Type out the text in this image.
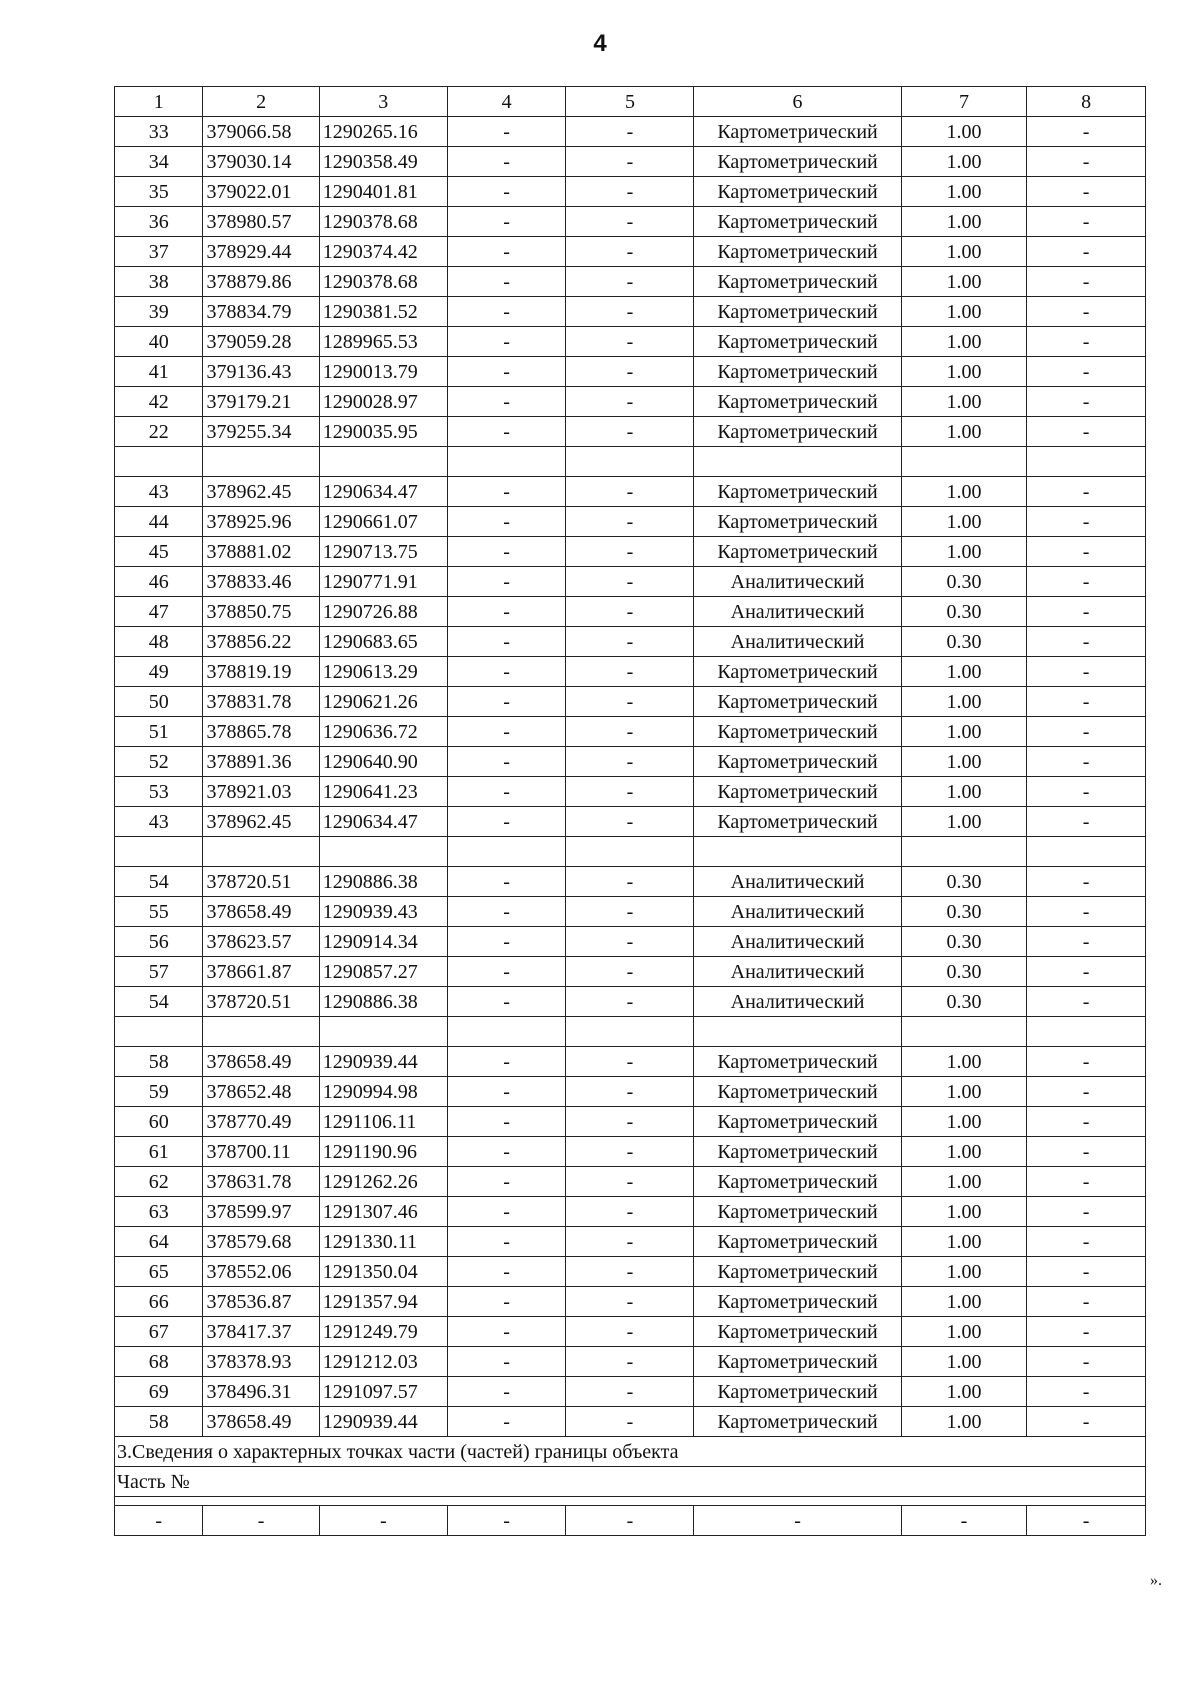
4
1	2	3	4	5	6	7	8
33	379066.58	1290265.16	-	-	Картометрический	1.00	-
34	379030.14	1290358.49	-	-	Картометрический	1.00	-
35	379022.01	1290401.81	-	-	Картометрический	1.00	-
36	378980.57	1290378.68	-	-	Картометрический	1.00	-
37	378929.44	1290374.42	-	-	Картометрический	1.00	-
38	378879.86	1290378.68	-	-	Картометрический	1.00	-
39	378834.79	1290381.52	-	-	Картометрический	1.00	-
40	379059.28	1289965.53	-	-	Картометрический	1.00	-
41	379136.43	1290013.79	-	-	Картометрический	1.00	-
42	379179.21	1290028.97	-	-	Картометрический	1.00	-
22	379255.34	1290035.95	-	-	Картометрический	1.00	-

43	378962.45	1290634.47	-	-	Картометрический	1.00	-
44	378925.96	1290661.07	-	-	Картометрический	1.00	-
45	378881.02	1290713.75	-	-	Картометрический	1.00	-
46	378833.46	1290771.91	-	-	Аналитический	0.30	-
47	378850.75	1290726.88	-	-	Аналитический	0.30	-
48	378856.22	1290683.65	-	-	Аналитический	0.30	-
49	378819.19	1290613.29	-	-	Картометрический	1.00	-
50	378831.78	1290621.26	-	-	Картометрический	1.00	-
51	378865.78	1290636.72	-	-	Картометрический	1.00	-
52	378891.36	1290640.90	-	-	Картометрический	1.00	-
53	378921.03	1290641.23	-	-	Картометрический	1.00	-
43	378962.45	1290634.47	-	-	Картометрический	1.00	-

54	378720.51	1290886.38	-	-	Аналитический	0.30	-
55	378658.49	1290939.43	-	-	Аналитический	0.30	-
56	378623.57	1290914.34	-	-	Аналитический	0.30	-
57	378661.87	1290857.27	-	-	Аналитический	0.30	-
54	378720.51	1290886.38	-	-	Аналитический	0.30	-

58	378658.49	1290939.44	-	-	Картометрический	1.00	-
59	378652.48	1290994.98	-	-	Картометрический	1.00	-
60	378770.49	1291106.11	-	-	Картометрический	1.00	-
61	378700.11	1291190.96	-	-	Картометрический	1.00	-
62	378631.78	1291262.26	-	-	Картометрический	1.00	-
63	378599.97	1291307.46	-	-	Картометрический	1.00	-
64	378579.68	1291330.11	-	-	Картометрический	1.00	-
65	378552.06	1291350.04	-	-	Картометрический	1.00	-
66	378536.87	1291357.94	-	-	Картометрический	1.00	-
67	378417.37	1291249.79	-	-	Картометрический	1.00	-
68	378378.93	1291212.03	-	-	Картометрический	1.00	-
69	378496.31	1291097.57	-	-	Картометрический	1.00	-
58	378658.49	1290939.44	-	-	Картометрический	1.00	-
3.Сведения о характерных точках части (частей) границы объекта							
Часть №							

-	-	-	-	-	-	-	-
».
